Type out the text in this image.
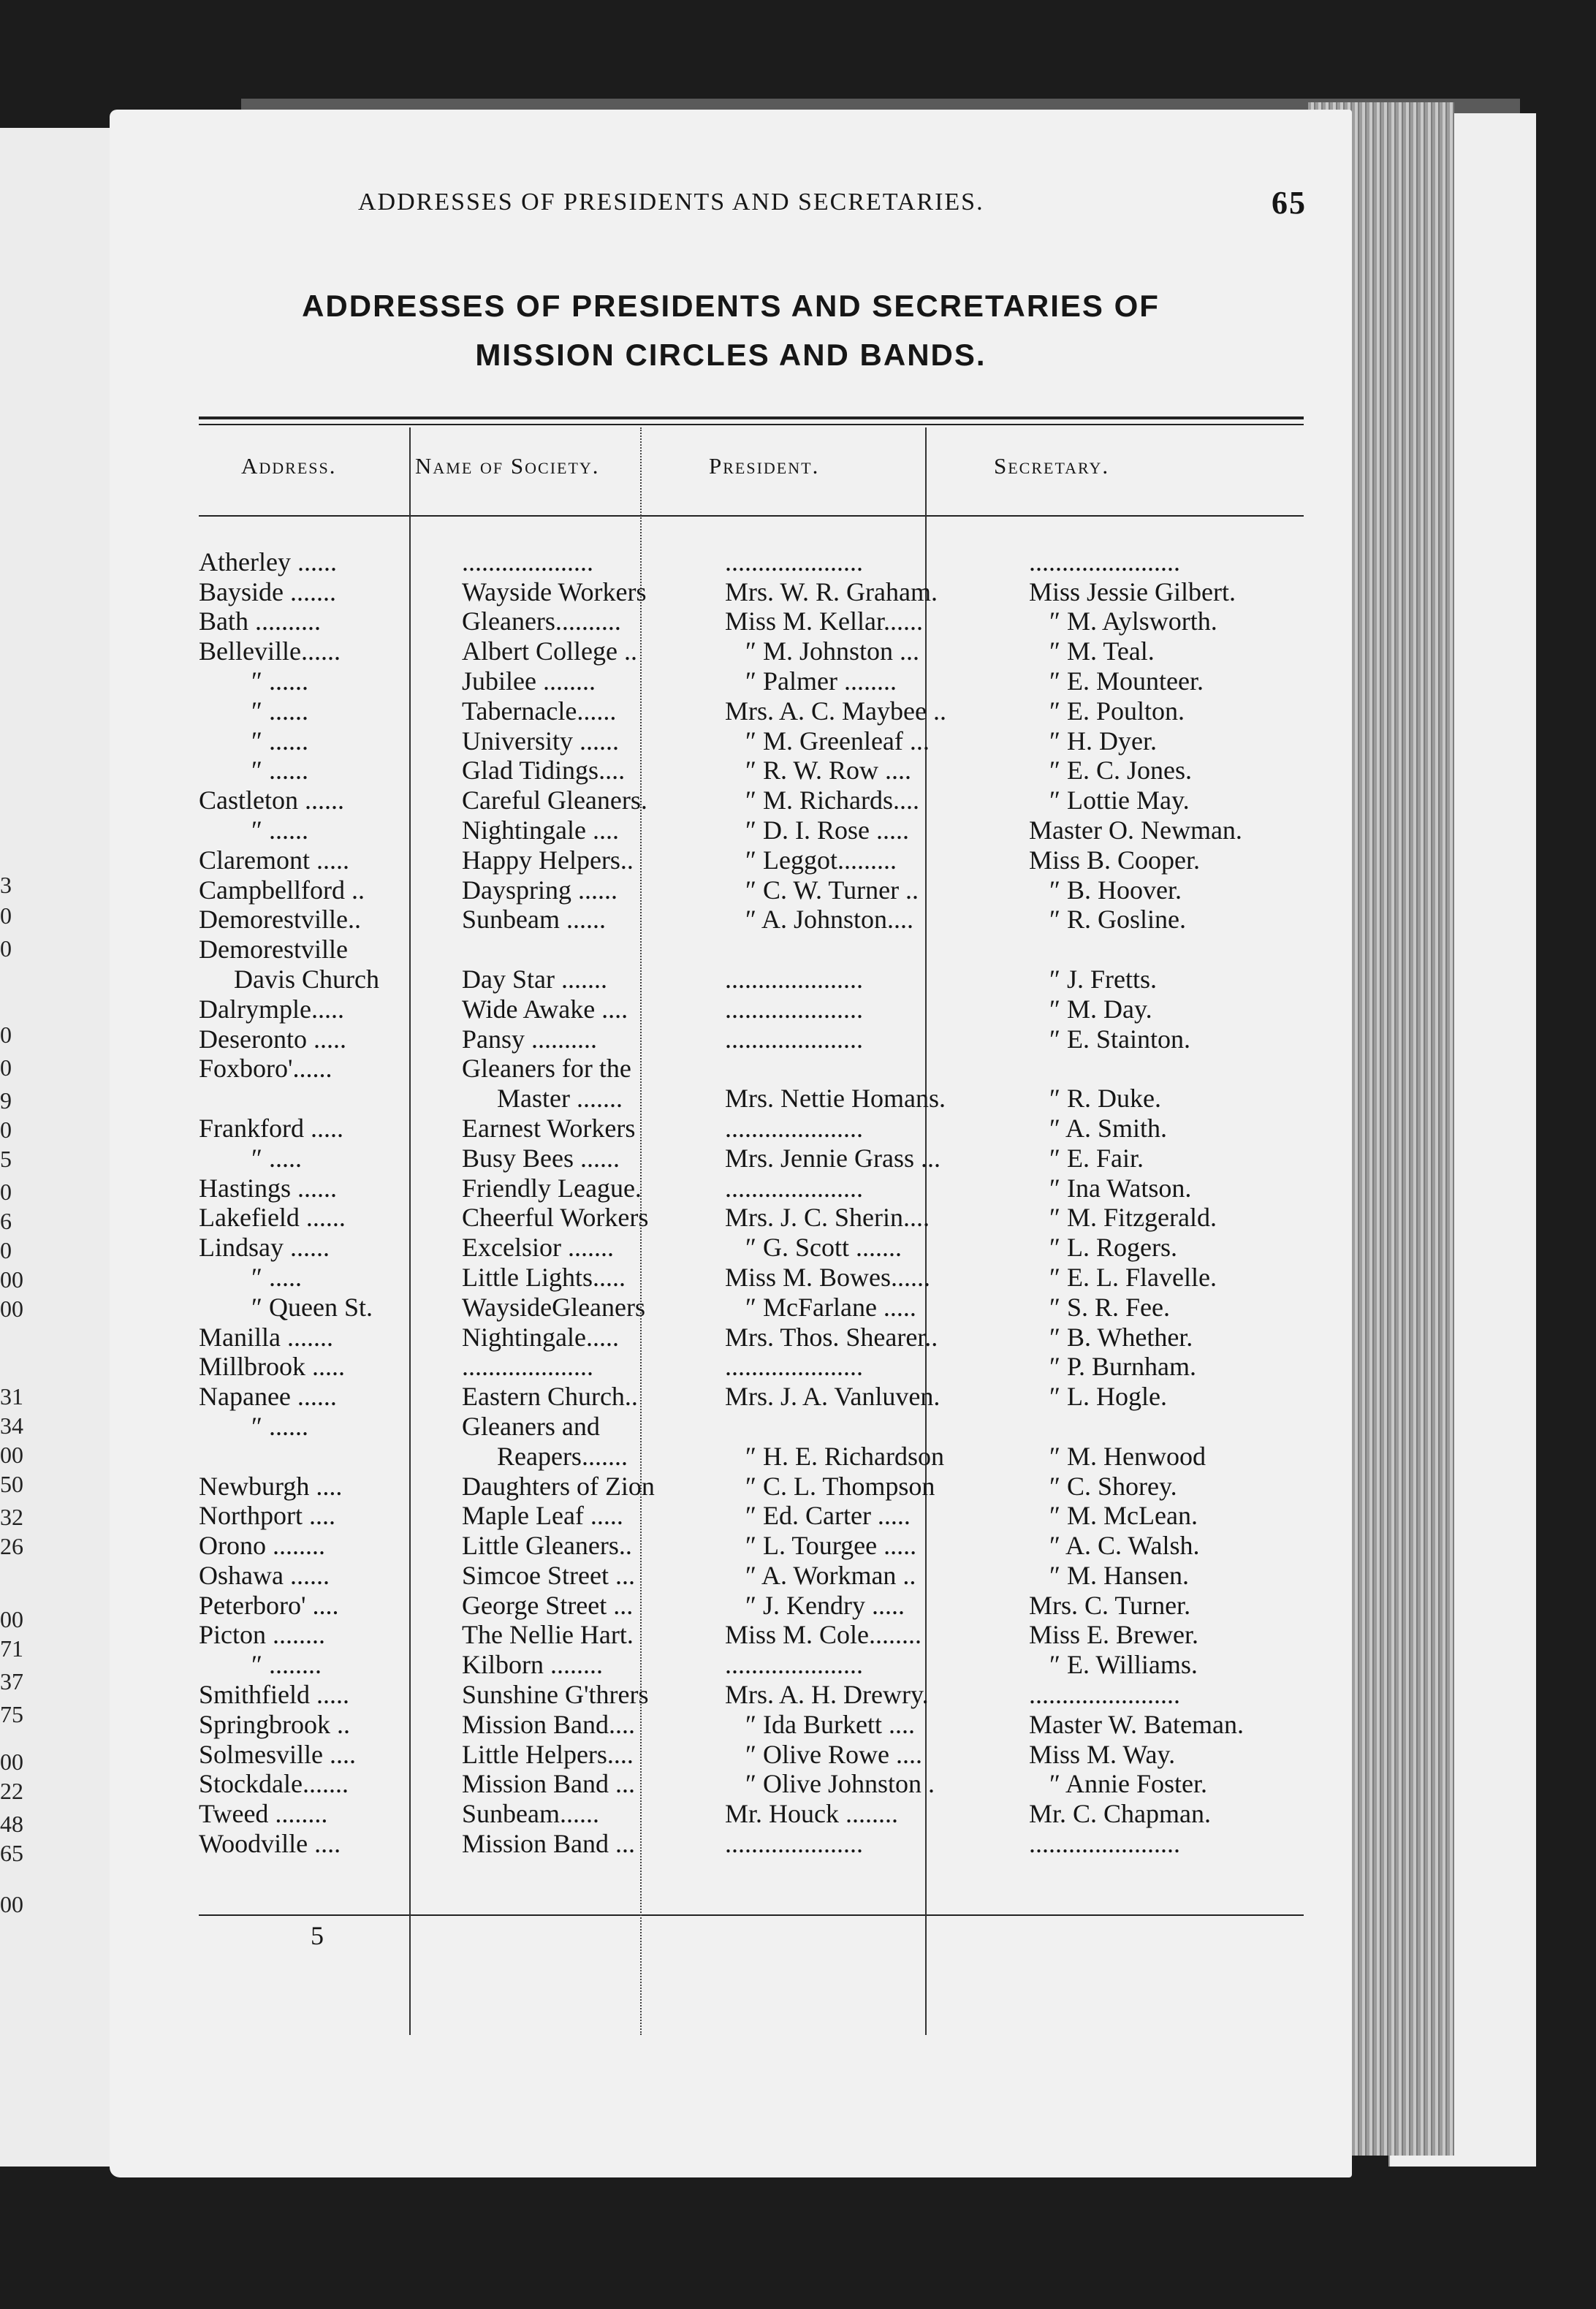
3
0
0
0
0
9
0
5
0
6
0
00
00
31
34
00
50
32
26
00
71
37
75
00
22
48
65
00
ADDRESSES OF PRESIDENTS AND SECRETARIES.	65
ADDRESSES OF PRESIDENTS AND SECRETARIES OF
MISSION CIRCLES AND BANDS.
Address.	Name of Society.	President.	Secretary.
Atherley ......	....................	.....................	.......................
Bayside .......	Wayside Workers	Mrs. W. R. Graham.	Miss Jessie Gilbert.
Bath ..........	Gleaners..........	Miss M. Kellar......	″ M. Aylsworth.
Belleville......	Albert College ..	″ M. Johnston ...	″ M. Teal.
″ ......	Jubilee ........	″ Palmer ........	″ E. Mounteer.
″ ......	Tabernacle......	Mrs. A. C. Maybee ..	″ E. Poulton.
″ ......	University ......	″ M. Greenleaf ...	″ H. Dyer.
″ ......	Glad Tidings....	″ R. W. Row ....	″ E. C. Jones.
Castleton ......	Careful Gleaners.	″ M. Richards....	″ Lottie May.
″ ......	Nightingale ....	″ D. I. Rose .....	Master O. Newman.
Claremont .....	Happy Helpers..	″ Leggot.........	Miss B. Cooper.
Campbellford ..	Dayspring ......	″ C. W. Turner ..	″ B. Hoover.
Demorestville..	Sunbeam ......	″ A. Johnston....	″ R. Gosline.
Demorestville			
Davis Church	Day Star .......	.....................	″ J. Fretts.
Dalrymple.....	Wide Awake ....	.....................	″ M. Day.
Deseronto .....	Pansy ..........	.....................	″ E. Stainton.
Foxboro'......	Gleaners for the		
	Master .......	Mrs. Nettie Homans.	″ R. Duke.
Frankford .....	Earnest Workers	.....................	″ A. Smith.
″ .....	Busy Bees ......	Mrs. Jennie Grass ...	″ E. Fair.
Hastings ......	Friendly League.	.....................	″ Ina Watson.
Lakefield ......	Cheerful Workers	Mrs. J. C. Sherin....	″ M. Fitzgerald.
Lindsay ......	Excelsior .......	″ G. Scott .......	″ L. Rogers.
″ .....	Little Lights.....	Miss M. Bowes......	″ E. L. Flavelle.
″ Queen St.	WaysideGleaners	″ McFarlane .....	″ S. R. Fee.
Manilla .......	Nightingale.....	Mrs. Thos. Shearer..	″ B. Whether.
Millbrook .....	....................	.....................	″ P. Burnham.
Napanee ......	Eastern Church..	Mrs. J. A. Vanluven.	″ L. Hogle.
″ ......	Gleaners and		
	Reapers.......	″ H. E. Richardson	″ M. Henwood
Newburgh ....	Daughters of Zion	″ C. L. Thompson	″ C. Shorey.
Northport ....	Maple Leaf .....	″ Ed. Carter .....	″ M. McLean.
Orono ........	Little Gleaners..	″ L. Tourgee .....	″ A. C. Walsh.
Oshawa ......	Simcoe Street ...	″ A. Workman ..	″ M. Hansen.
Peterboro' ....	George Street ...	″ J. Kendry .....	Mrs. C. Turner.
Picton ........	The Nellie Hart.	Miss M. Cole........	Miss E. Brewer.
″ ........	Kilborn ........	.....................	″ E. Williams.
Smithfield .....	Sunshine G'thrers	Mrs. A. H. Drewry.	.......................
Springbrook ..	Mission Band....	″ Ida Burkett ....	Master W. Bateman.
Solmesville ....	Little Helpers....	″ Olive Rowe ....	Miss M. Way.
Stockdale.......	Mission Band ...	″ Olive Johnston .	″ Annie Foster.
Tweed ........	Sunbeam......	Mr. Houck ........	Mr. C. Chapman.
Woodville ....	Mission Band ...	.....................	.......................
5
